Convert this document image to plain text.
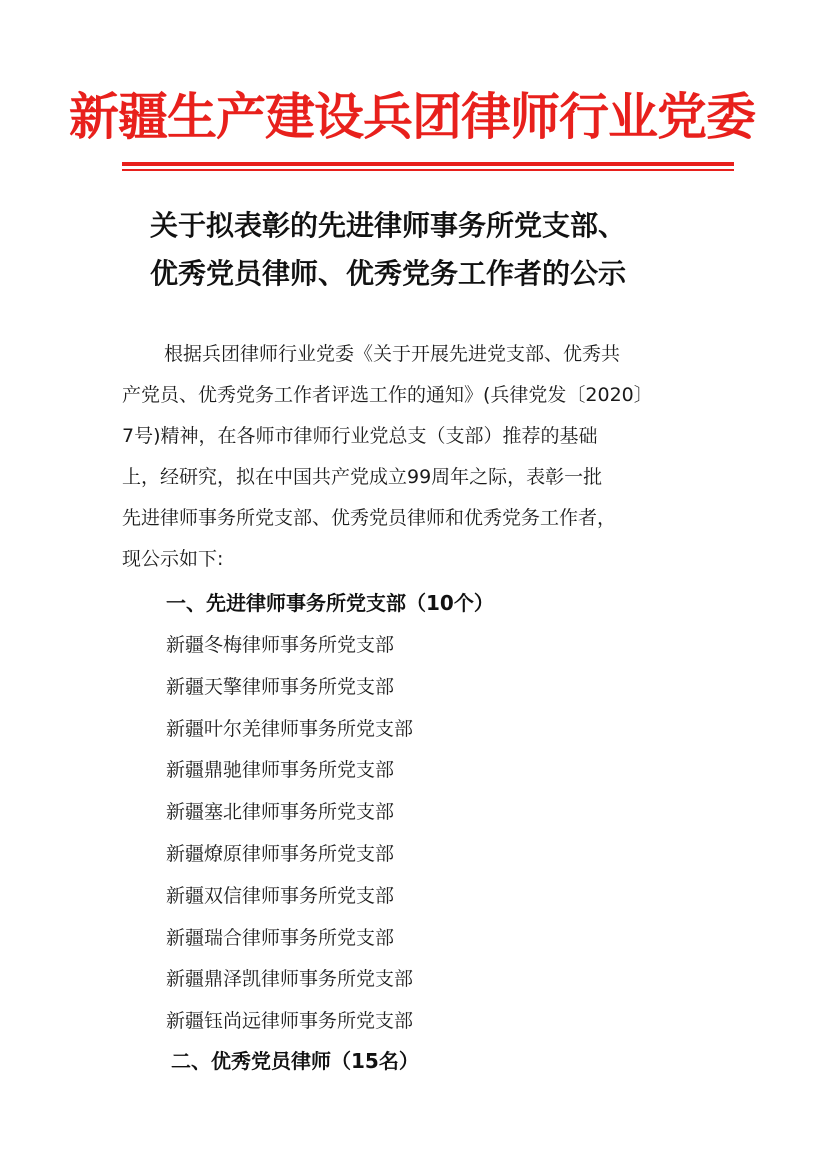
新疆生产建设兵团律师行业党委
关于拟表彰的先进律师事务所党支部、
优秀党员律师、优秀党务工作者的公示
根据兵团律师行业党委《关于开展先进党支部、优秀共
产党员、优秀党务工作者评选工作的通知》(兵律党发〔2020〕
7号)精神，在各师市律师行业党总支（支部）推荐的基础
上，经研究，拟在中国共产党成立99周年之际，表彰一批
先进律师事务所党支部、优秀党员律师和优秀党务工作者，
现公示如下:
一、先进律师事务所党支部（10个）
新疆冬梅律师事务所党支部
新疆天擎律师事务所党支部
新疆叶尔羌律师事务所党支部
新疆鼎驰律师事务所党支部
新疆塞北律师事务所党支部
新疆燎原律师事务所党支部
新疆双信律师事务所党支部
新疆瑞合律师事务所党支部
新疆鼎泽凯律师事务所党支部
新疆钰尚远律师事务所党支部
二、优秀党员律师（15名）
